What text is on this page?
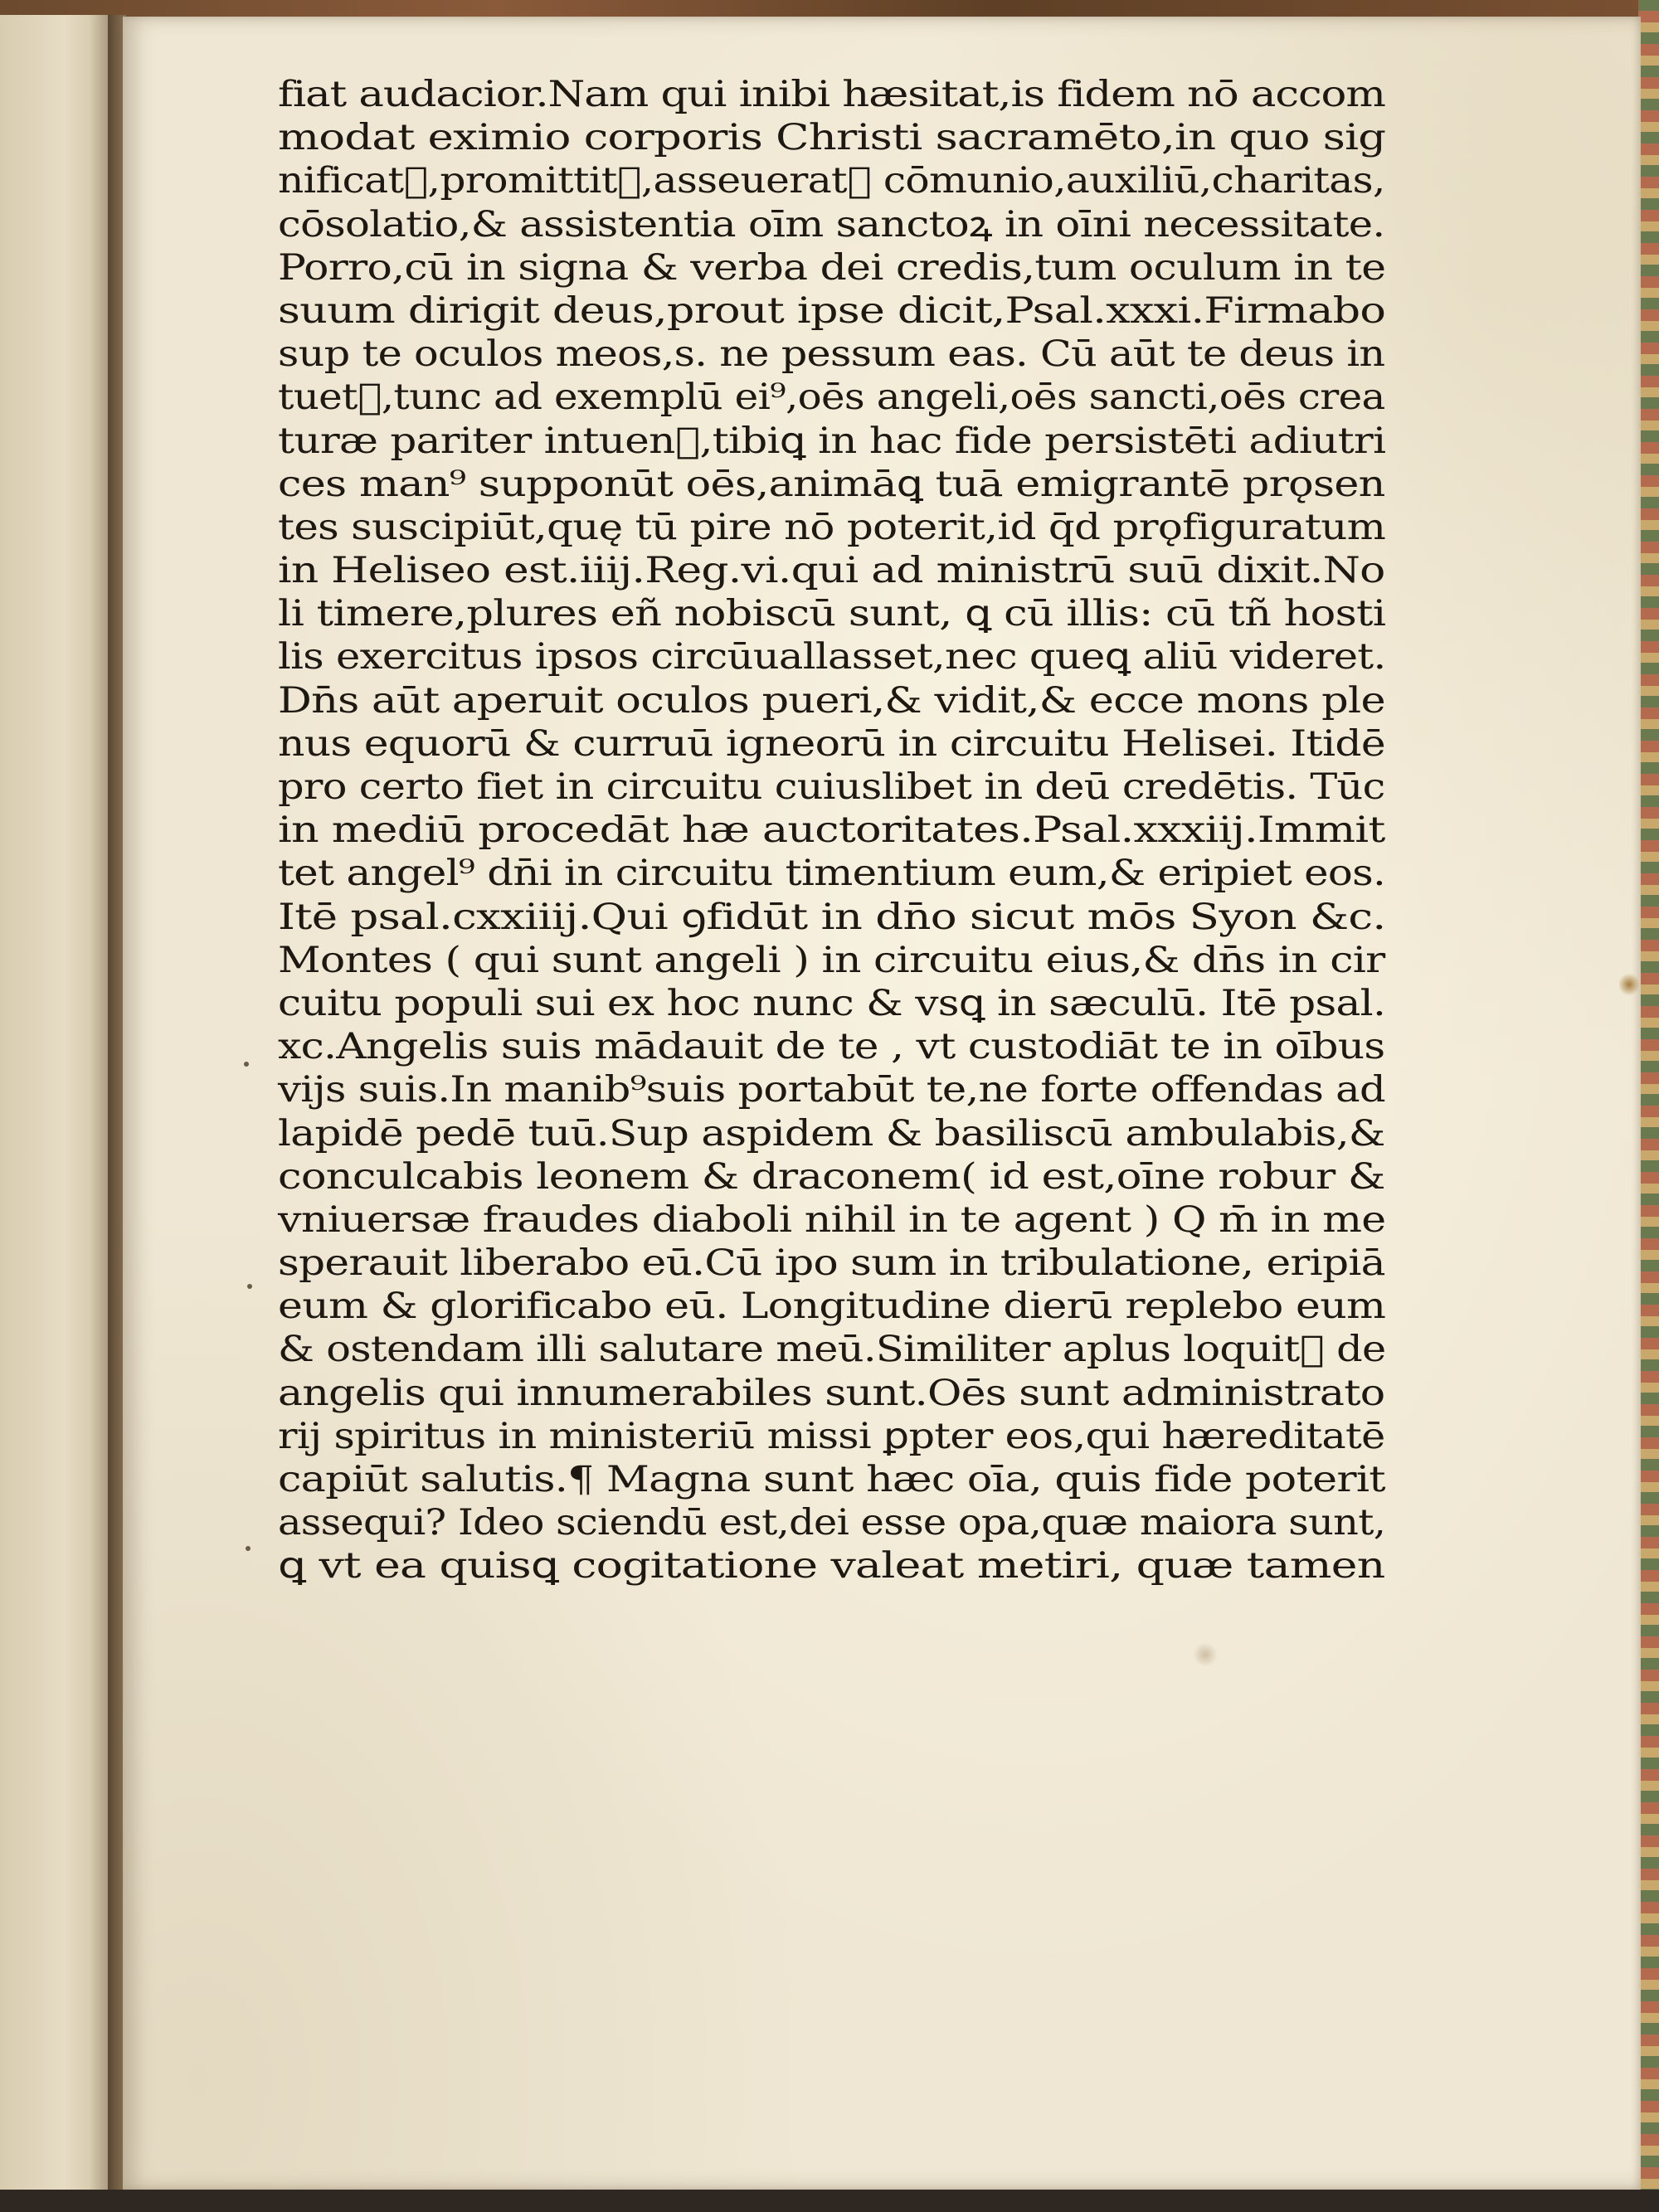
fiat audacior.Nam qui inibi hæsitat,is fidem nō accom
modat eximio corporis Christi sacramēto,in quo sig
nificatᷣ,promittitᷣ,asseueratᷣ cōmunio,auxiliū,charitas,
cōsolatio,& assistentia oīm sanctoꝝ in oīni necessitate.
Porro,cū in signa & verba dei credis,tum oculum in te
suum dirigit deus,prout ipse dicit,Psal.xxxi.Firmabo
sup te oculos meos,s. ne pessum eas. Cū aūt te deus in
tuetᷣ,tunc ad exemplū ei⁹,oēs angeli,oēs sancti,oēs crea
turæ pariter intuenᷣ,tibiꝗ in hac fide persistēti adiutri
ces man⁹ supponūt oēs,animāꝗ tuā emigrantē prǫsen
tes suscipiūt,quę tū pire nō poterit,id q̄d prǫfiguratum
in Heliseo est.iiij.Reg.vi.qui ad ministrū suū dixit.No
li timere,plures eñ nobiscū sunt, ꝗ cū illis: cū tñ hosti
lis exercitus ipsos circūuallasset,nec queꝗ aliū videret.
Dn̄s aūt aperuit oculos pueri,& vidit,& ecce mons ple
nus equorū & curruū igneorū in circuitu Helisei. Itidē
pro certo fiet in circuitu cuiuslibet in deū credētis. Tūc
in mediū procedāt hæ auctoritates.Psal.xxxiij.Immit
tet angel⁹ dn̄i in circuitu timentium eum,& eripiet eos.
Itē psal.cxxiiij.Qui ꝯfidūt in dn̄o sicut mōs Syon &c.
Montes ( qui sunt angeli ) in circuitu eius,& dn̄s in cir
cuitu populi sui ex hoc nunc & vsꝗ in sæculū. Itē psal.
xc.Angelis suis mādauit de te , vt custodiāt te in oībus
vijs suis.In manib⁹suis portabūt te,ne forte offendas ad
lapidē pedē tuū.Sup aspidem & basiliscū ambulabis,&
conculcabis leonem & draconem( id est,oīne robur &
vniuersæ fraudes diaboli nihil in te agent ) Q m̄ in me
sperauit liberabo eū.Cū ipo sum in tribulatione, eripiā
eum & glorificabo eū. Longitudine dierū replebo eum
& ostendam illi salutare meū.Similiter aplus loquitᷣ de
angelis qui innumerabiles sunt.Oēs sunt administrato
rij spiritus in ministeriū missi ꝑpter eos,qui hæreditatē
capiūt salutis.¶ Magna sunt hæc oīa, quis fide poterit
assequi? Ideo sciendū est,dei esse opa,quæ maiora sunt,
ꝗ vt ea quisꝗ cogitatione valeat metiri, quæ tamen
